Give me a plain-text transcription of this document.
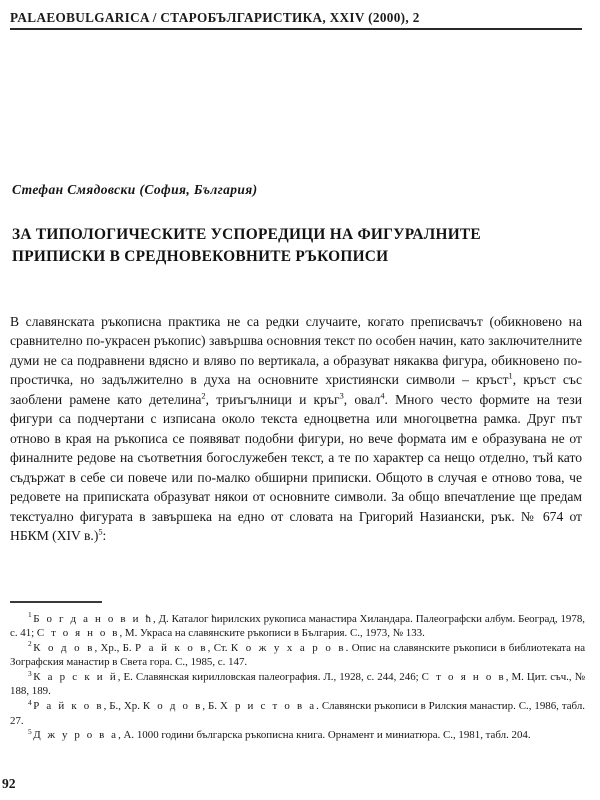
PALAEOBULGARICA / СТАРОБЪЛГАРИСТИКА, XXIV (2000), 2
Стефан Смядовски (София, България)
ЗА ТИПОЛОГИЧЕСКИТЕ УСПОРЕДИЦИ НА ФИГУРАЛНИТЕ
ПРИПИСКИ В СРЕДНОВЕКОВНИТЕ РЪКОПИСИ
В славянската ръкописна практика не са редки случаите, когато преписвачът (обикновено на сравнително по-украсен ръкопис) завършва основния текст по особен начин, като заключителните думи не са подравнени вдясно и вляво по вертикала, а образуват някаква фигура, обикновено по-простичка, но задължително в духа на основните християнски символи – кръст$^1$, кръст със заоблени рамене като детелина$^2$, триъгълници и кръг$^3$, овал$^4$. Много често формите на тези фигури са подчертани с изписана около текста едноцветна или многоцветна рамка. Друг път отново в края на ръкописа се появяват подобни фигури, но вече формата им е образувана не от финалните редове на съответния богослужебен текст, а те по характер са нещо отделно, тъй като съдържат в себе си повече или по-малко обширни приписки. Общото в случая е отново това, че редовете на приписката образуват някои от основните символи. За общо впечатление ще предам текстуално фигурата в завършека на едно от словата на Григорий Назиански, рък. № 674 от НБКМ (XIV в.)$^5$:

$^1$ Б о г д а н о в и ћ, Д. Каталог ћирилских рукописа манастира Хиландара. Палеографски албум. Београд, 1978, с. 41; С т о я н о в, М. Украса на славянските ръкописи в България. С., 1973, № 133.

$^2$ К о д о в, Хр., Б. Р а й к о в, Ст. К о ж у х а р о в. Опис на славянските ръкописи в библиотеката на Зографския манастир в Света гора. С., 1985, с. 147.

$^3$ К а р с к и й, Е. Славянская кирилловская палеография. Л., 1928, с. 244, 246; С т о я н о в, М. Цит. съч., № 188, 189.

$^4$ Р а й к о в, Б., Хр. К о д о в, Б. Х р и с т о в а. Славянски ръкописи в Рилския манастир. С., 1986, табл. 27.

$^5$ Д ж у р о в а, А. 1000 години българска ръкописна книга. Орнамент и миниатюра. С., 1981, табл. 204.

92
